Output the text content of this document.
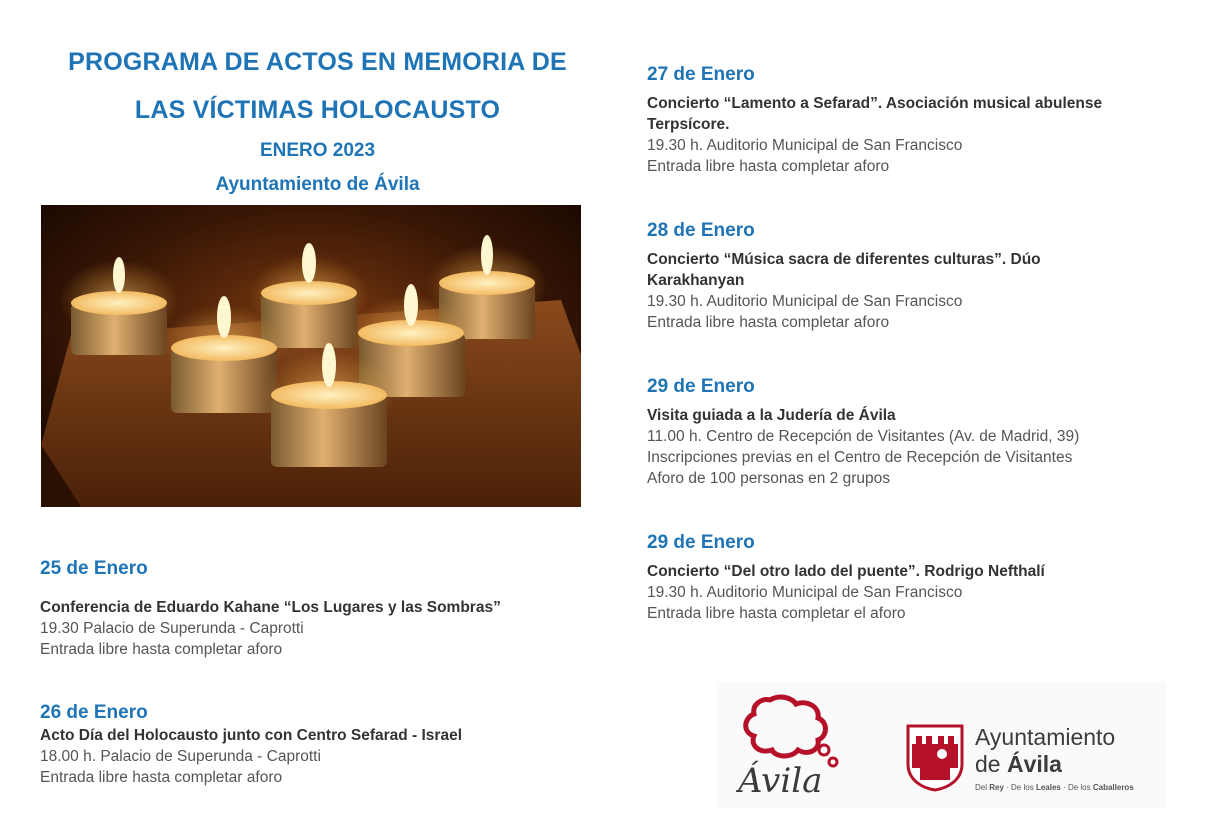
PROGRAMA DE ACTOS EN MEMORIA DE
LAS VÍCTIMAS HOLOCAUSTO
ENERO 2023
Ayuntamiento de Ávila
25 de Enero
Conferencia de Eduardo Kahane “Los Lugares y las Sombras”
19.30 Palacio de Superunda - Caprotti
Entrada libre hasta completar aforo
26 de Enero
Acto Día del Holocausto junto con Centro Sefarad - Israel
18.00 h. Palacio de Superunda - Caprotti
Entrada libre hasta completar aforo
27 de Enero
Concierto “Lamento a Sefarad”. Asociación musical abulense
Terpsícore.
19.30 h. Auditorio Municipal de San Francisco
Entrada libre hasta completar aforo
28 de Enero
Concierto “Música sacra de diferentes culturas”. Dúo
Karakhanyan
19.30 h. Auditorio Municipal de San Francisco
Entrada libre hasta completar aforo
29 de Enero
Visita guiada a la Judería de Ávila
11.00 h. Centro de Recepción de Visitantes (Av. de Madrid, 39)
Inscripciones previas en el Centro de Recepción de Visitantes
Aforo de 100 personas en 2 grupos
29 de Enero
Concierto “Del otro lado del puente”. Rodrigo Nefthalí
19.30 h. Auditorio Municipal de San Francisco
Entrada libre hasta completar el aforo
Ávila
Ayuntamiento
de Ávila
Del Rey · De los Leales · De los Caballeros
